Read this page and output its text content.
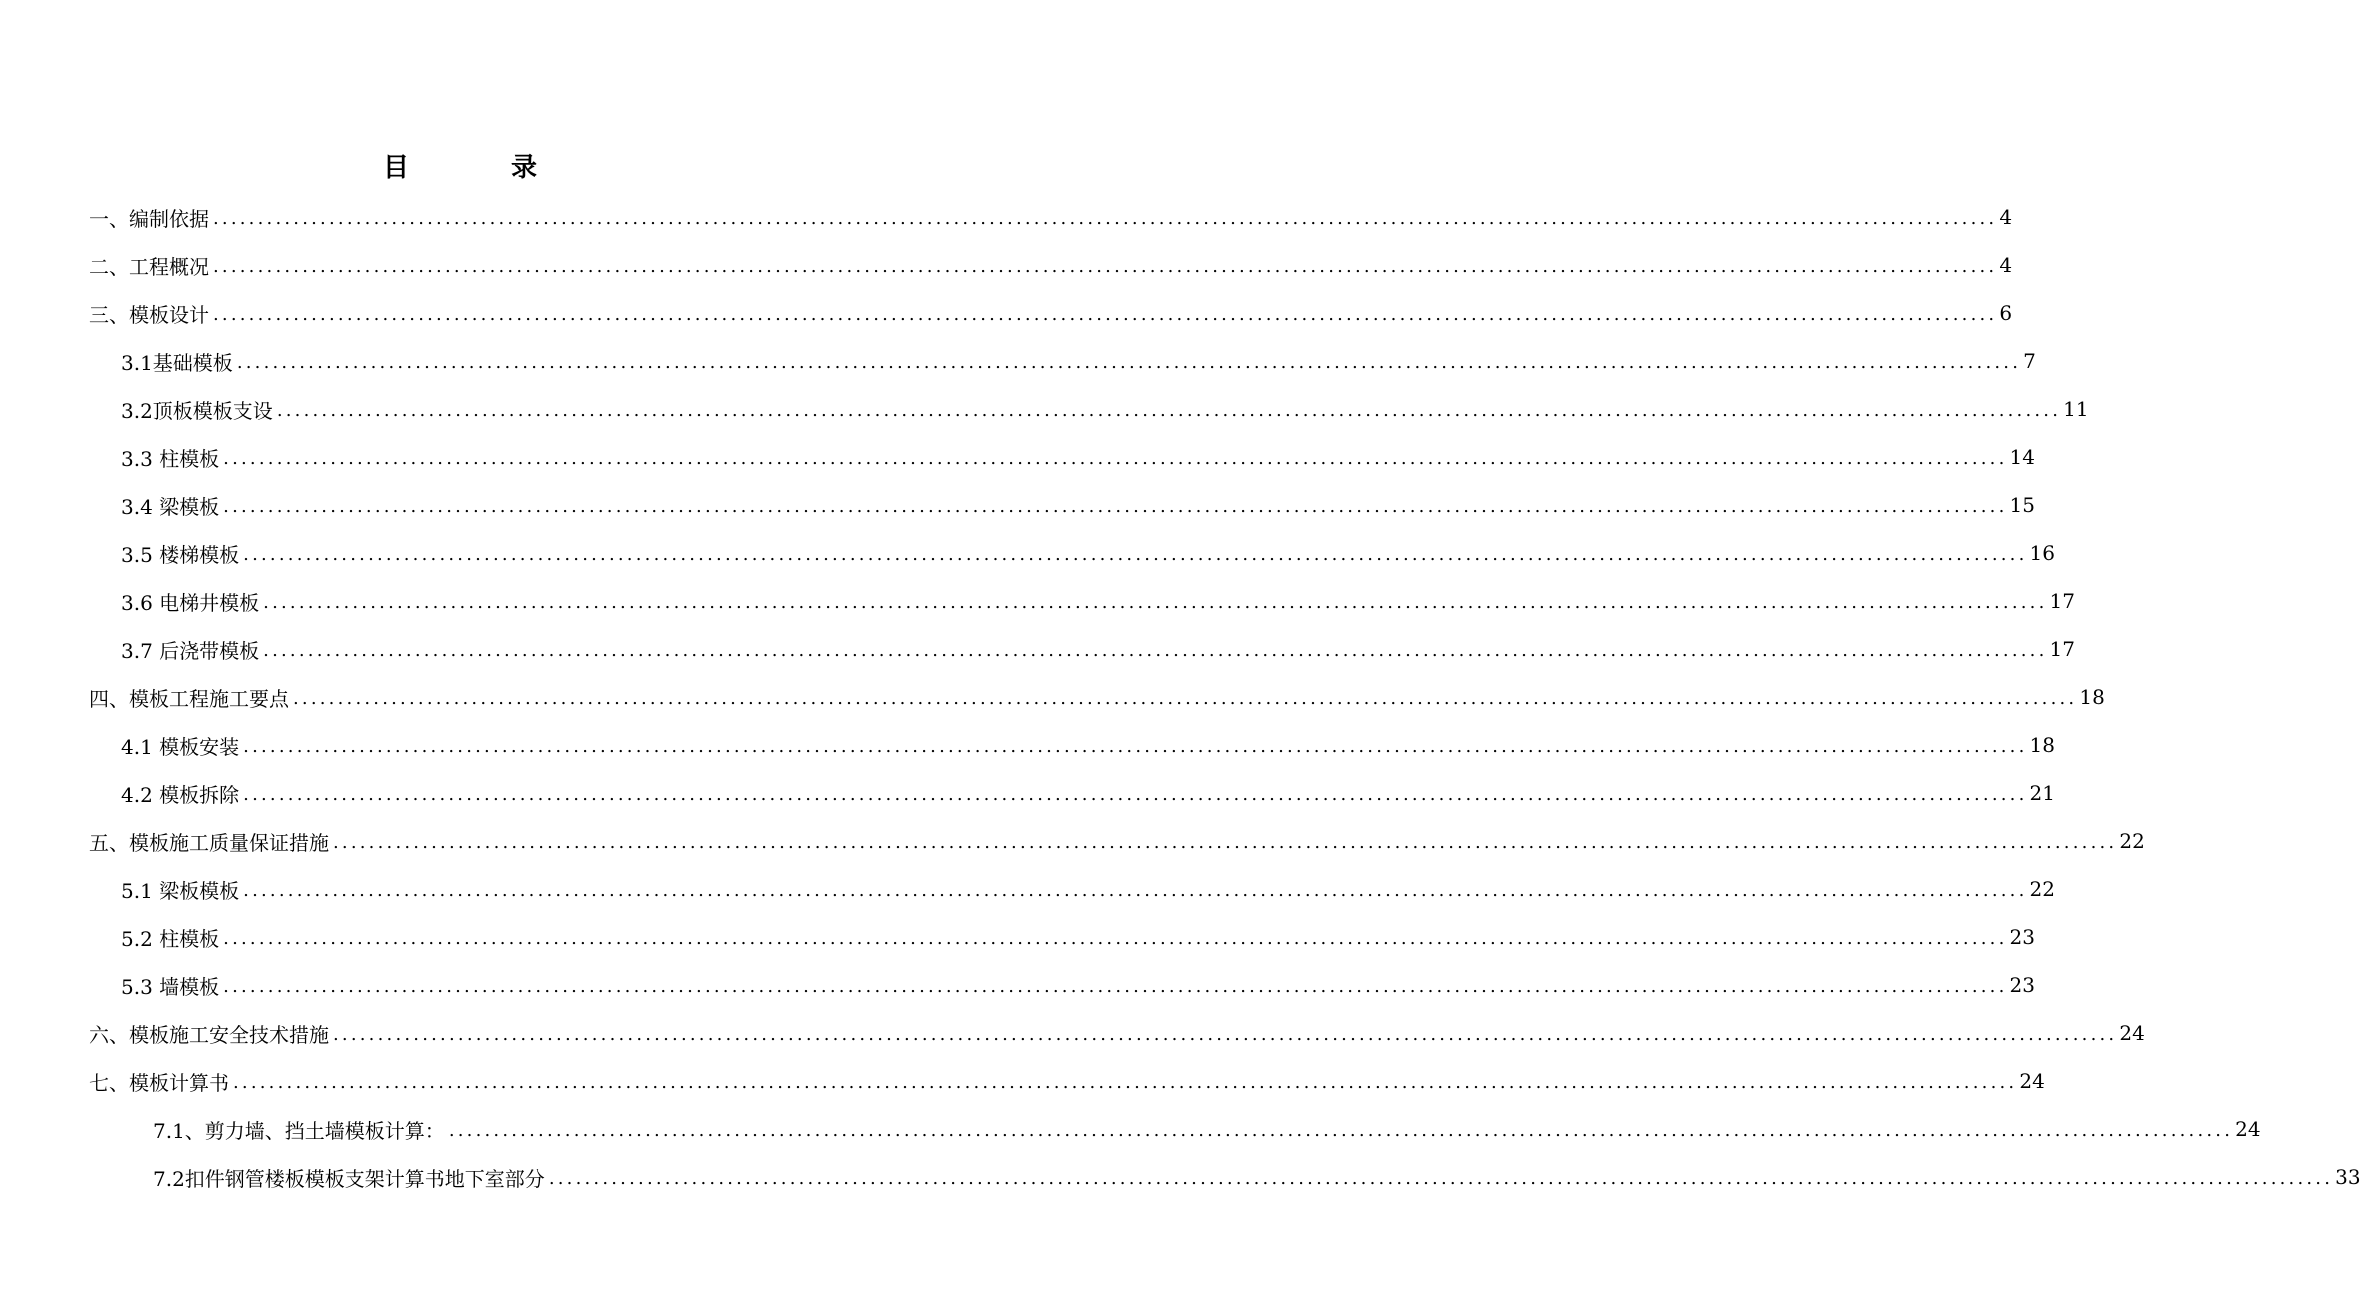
目　录
一、编制依据 ........................................................................................................................................................................................................ 4
二、工程概况 ........................................................................................................................................................................................................ 4
三、模板设计 ........................................................................................................................................................................................................ 6
3.1基础模板 ........................................................................................................................................................................................................ 7
3.2顶板模板支设 ........................................................................................................................................................................................................ 11
3.3 柱模板 ........................................................................................................................................................................................................ 14
3.4 梁模板 ........................................................................................................................................................................................................ 15
3.5 楼梯模板 ........................................................................................................................................................................................................ 16
3.6 电梯井模板 ........................................................................................................................................................................................................ 17
3.7 后浇带模板 ........................................................................................................................................................................................................ 17
四、模板工程施工要点 ........................................................................................................................................................................................................ 18
4.1 模板安装 ........................................................................................................................................................................................................ 18
4.2 模板拆除 ........................................................................................................................................................................................................ 21
五、模板施工质量保证措施 ........................................................................................................................................................................................................ 22
5.1 梁板模板 ........................................................................................................................................................................................................ 22
5.2 柱模板 ........................................................................................................................................................................................................ 23
5.3 墙模板 ........................................................................................................................................................................................................ 23
六、模板施工安全技术措施 ........................................................................................................................................................................................................ 24
七、模板计算书 ........................................................................................................................................................................................................ 24
7.1、剪力墙、挡土墙模板计算： ........................................................................................................................................................................................................ 24
7.2扣件钢管楼板模板支架计算书地下室部分 ........................................................................................................................................................................................................ 33
